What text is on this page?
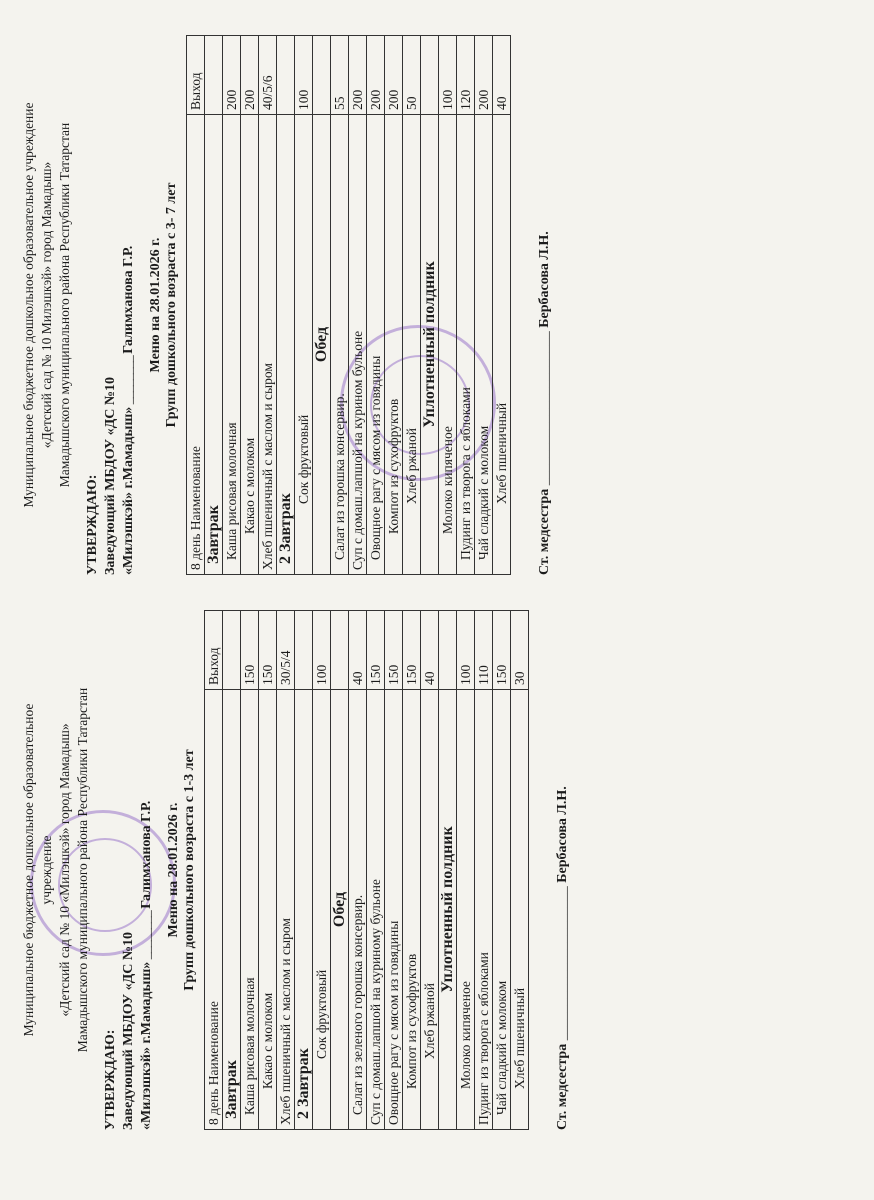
Муниципальное бюджетное дошкольное образовательное учреждение «Детский сад № 10 «Милэшкэй» город Мамадыш» Мамадышского муниципального района Республики Татарстан
УТВЕРЖДАЮ: Заведующий МБДОУ «ДС №10 «Милэшкэй» г.Мамадыш» ________ Галимханова Г.Р. Меню на 28.01.2026 г. Групп дошкольного возраста с 1-3 лет
8 день Наименование	Выход
Завтрак	
Каша рисовая молочная	150
Какао с молоком	150
Хлеб пшеничный с маслом и сыром	30/5/4
2 Завтрак	
Сок фруктовый	100
Обед	
Салат из зеленого горошка консервир.	40
Суп с домаш.лапшой на куриному бульоне	150
Овощное рагу с мясом из говядины	150
Компот из сухофруктов	150
Хлеб ржаной	40
Уплотненный полдник	
Молоко кипяченое	100
Пудинг из творога с яблоками	110
Чай сладкий с молоком	150
Хлеб пшеничный	30
Ст. медсестра ______________________ Бербасова Л.Н.
Муниципальное бюджетное дошкольное образовательное учреждение «Детский сад № 10 Милэшкэй» город Мамадыш» Мамадышского муниципального района Республики Татарстан
УТВЕРЖДАЮ: Заведующий МБДОУ «ДС №10 «Милэшкэй» г.Мамадыш» ________ Галимханова Г.Р. Меню на 28.01.2026 г. Групп дошкольного возраста с 3- 7 лет
8 день Наименование	Выход
Завтрак	
Каша рисовая молочная	200
Какао с молоком	200
Хлеб пшеничный с маслом и сыром	40/5/6
2 Завтрак	
Сок фруктовый	100
Обед	
Салат из горошка консервир.	55
Суп с домаш.лапшой на курином бульоне	200
Овощное рагу с мясом из говядины	200
Компот из сухофруктов	200
Хлеб ржаной	50
Уплотненный полдник	
Молоко кипяченое	100
Пудинг из творога с яблоками	120
Чай сладкий с молоком	200
Хлеб пшеничный	40
Ст. медсестра ______________________ Бербасова Л.Н.
